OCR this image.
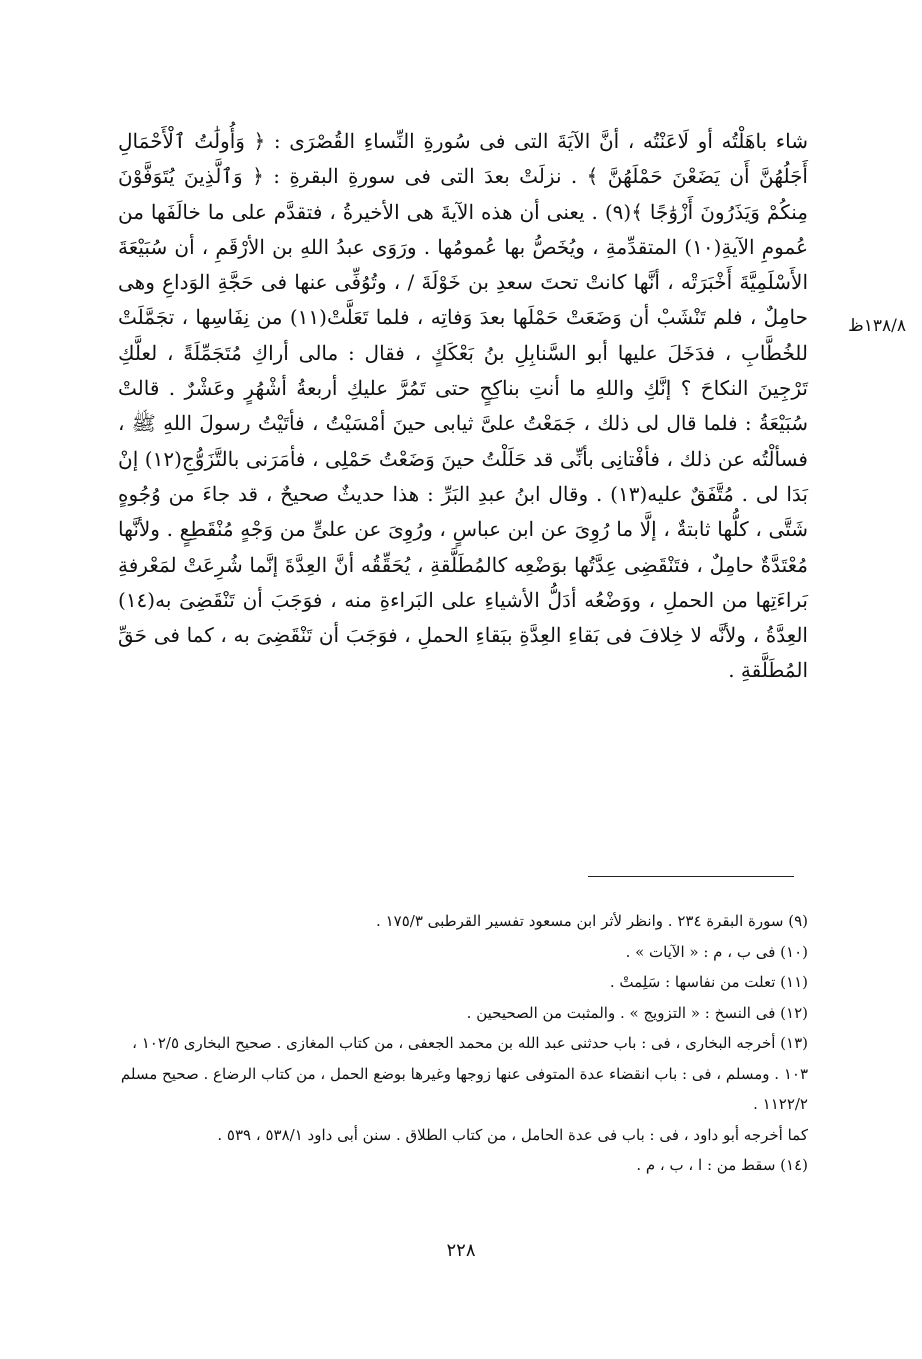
١٣٨/٨ظ

شاء باهَلْتُه أو لَاعَنْتُه ، أنَّ الآيَةَ التى فى سُورةِ النِّساءِ القُصْرَى : ﴿ وَأُولَٰتُ ٱلْأَحْمَالِ أَجَلُهُنَّ أَن يَضَعْنَ حَمْلَهُنَّ ﴾ . نزلَتْ بعدَ التى فى سورةِ البقرةِ : ﴿ وَٱلَّذِينَ يُتَوَفَّوْنَ مِنكُمْ وَيَذَرُونَ أَزْوَٰجًا ﴾(٩) . يعنى أن هذه الآيةَ هى الأخيرةُ ، فتقدَّم على ما خالَفَها من عُمومِ الآيةِ(١٠) المتقدِّمةِ ، ويُخَصُّ بها عُمومُها . ورَوَى عبدُ اللهِ بن الأرْقَمِ ، أن سُبَيْعَةَ الأَسْلَمِيَّةَ أَخْبَرَتْه ، أنَّها كانتْ تحتَ سعدِ بن خَوْلَةَ / ، وتُوُفِّى عنها فى حَجَّةِ الوَداعِ وهى حامِلٌ ، فلم تَنْشَبْ أن وَضَعَتْ حَمْلَها بعدَ وَفاتِه ، فلما تَعَلَّتْ(١١) من نِفَاسِها ، تجَمَّلَتْ للخُطَّابِ ، فدَخَلَ عليها أبو السَّنابِلِ بنُ بَعْكَكٍ ، فقال : مالى أراكِ مُتَجَمِّلَةً ، لعلَّكِ تَرْجِينَ النكاحَ ؟ إنَّكِ واللهِ ما أنتِ بناكِحٍ حتى تَمُرَّ عليكِ أربعةُ أشْهُرٍ وعَشْرٌ . قالتْ سُبَيْعَةُ : فلما قال لى ذلك ، جَمَعْتُ علىَّ ثيابى حينَ أمْسَيْتُ ، فأتَيْتُ رسولَ اللهِ ﷺ ، فسألْتُه عن ذلك ، فأفْتانِى بأنِّى قد حَلَلْتُ حينَ وَضَعْتُ حَمْلِى ، فأمَرَنى بالتَّزَوُّجِ(١٢) إنْ بَدَا لى . مُتَّفَقٌ عليه(١٣) . وقال ابنُ عبدِ البَرِّ : هذا حديثٌ صحيحٌ ، قد جاءَ من وُجُوهٍ شَتَّى ، كلُّها ثابتةٌ ، إلَّا ما رُوِىَ عن ابن عباسٍ ، ورُوِىَ عن علىٍّ من وَجْهٍ مُنْقَطِعٍ . ولأنَّها مُعْتَدَّةٌ حامِلٌ ، فتَنْقَضِى عِدَّتُها بوَضْعِه كالمُطَلَّقةِ ، يُحَقِّقُه أنَّ العِدَّةَ إنَّما شُرِعَتْ لمَعْرفةِ بَراءَتِها من الحملِ ، ووَضْعُه أدَلُّ الأشياءِ على البَراءةِ منه ، فوَجَبَ أن تَنْقَضِىَ به(١٤) العِدَّةُ ، ولأنَّه لا خِلافَ فى بَقاءِ العِدَّةِ ببَقاءِ الحملِ ، فوَجَبَ أن تَنْقَضِىَ به ، كما فى حَقِّ المُطَلَّقةِ .

(٩) سورة البقرة ٢٣٤ . وانظر لأثر ابن مسعود تفسير القرطبى ١٧٥/٣ .

(١٠) فى ب ، م : « الآيات » .

(١١) تعلت من نفاسها : سَلِمتْ .

(١٢) فى النسخ : « التزويج » . والمثبت من الصحيحين .

(١٣) أخرجه البخارى ، فى : باب حدثنى عبد الله بن محمد الجعفى ، من كتاب المغازى . صحيح البخارى ١٠٢/٥ ، ١٠٣ . ومسلم ، فى : باب انقضاء عدة المتوفى عنها زوجها وغيرها بوضع الحمل ، من كتاب الرضاع . صحيح مسلم ١١٢٢/٢ .

كما أخرجه أبو داود ، فى : باب فى عدة الحامل ، من كتاب الطلاق . سنن أبى داود ٥٣٨/١ ، ٥٣٩ .

(١٤) سقط من : ا ، ب ، م .

٢٢٨
